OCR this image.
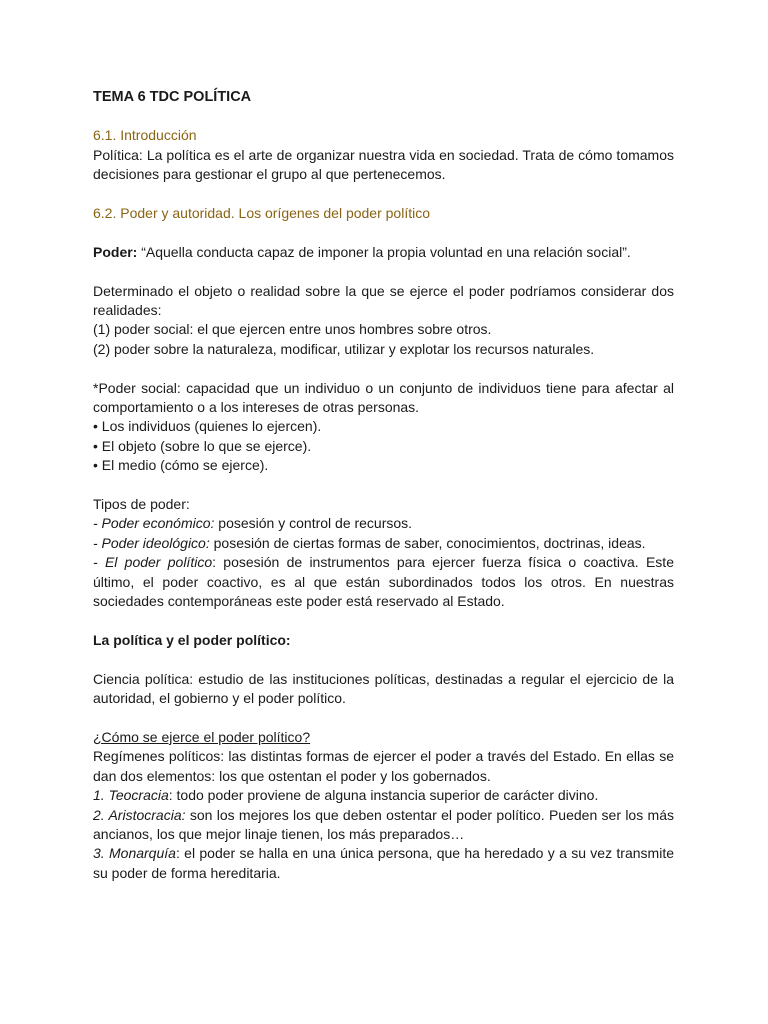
TEMA 6 TDC POLÍTICA

6.1. Introducción

Política: La política es el arte de organizar nuestra vida en sociedad. Trata de cómo tomamos decisiones para gestionar el grupo al que pertenecemos.

6.2. Poder y autoridad. Los orígenes del poder político

Poder: “Aquella conducta capaz de imponer la propia voluntad en una relación social”.

Determinado el objeto o realidad sobre la que se ejerce el poder podríamos considerar dos realidades:

(1) poder social: el que ejercen entre unos hombres sobre otros.

(2) poder sobre la naturaleza, modificar, utilizar y explotar los recursos naturales.

*Poder social: capacidad que un individuo o un conjunto de individuos tiene para afectar al comportamiento o a los intereses de otras personas.

• Los individuos (quienes lo ejercen).

• El objeto (sobre lo que se ejerce).

• El medio (cómo se ejerce).

Tipos de poder:

- Poder económico: posesión y control de recursos.

- Poder ideológico: posesión de ciertas formas de saber, conocimientos, doctrinas, ideas.

- El poder político: posesión de instrumentos para ejercer fuerza física o coactiva. Este último, el poder coactivo, es al que están subordinados todos los otros. En nuestras sociedades contemporáneas este poder está reservado al Estado.

La política y el poder político:

Ciencia política: estudio de las instituciones políticas, destinadas a regular el ejercicio de la autoridad, el gobierno y el poder político.

¿Cómo se ejerce el poder político?

Regímenes políticos: las distintas formas de ejercer el poder a través del Estado. En ellas se dan dos elementos: los que ostentan el poder y los gobernados.

1. Teocracia: todo poder proviene de alguna instancia superior de carácter divino.

2. Aristocracia: son los mejores los que deben ostentar el poder político. Pueden ser los más ancianos, los que mejor linaje tienen, los más preparados…

3. Monarquía: el poder se halla en una única persona, que ha heredado y a su vez transmite su poder de forma hereditaria.
